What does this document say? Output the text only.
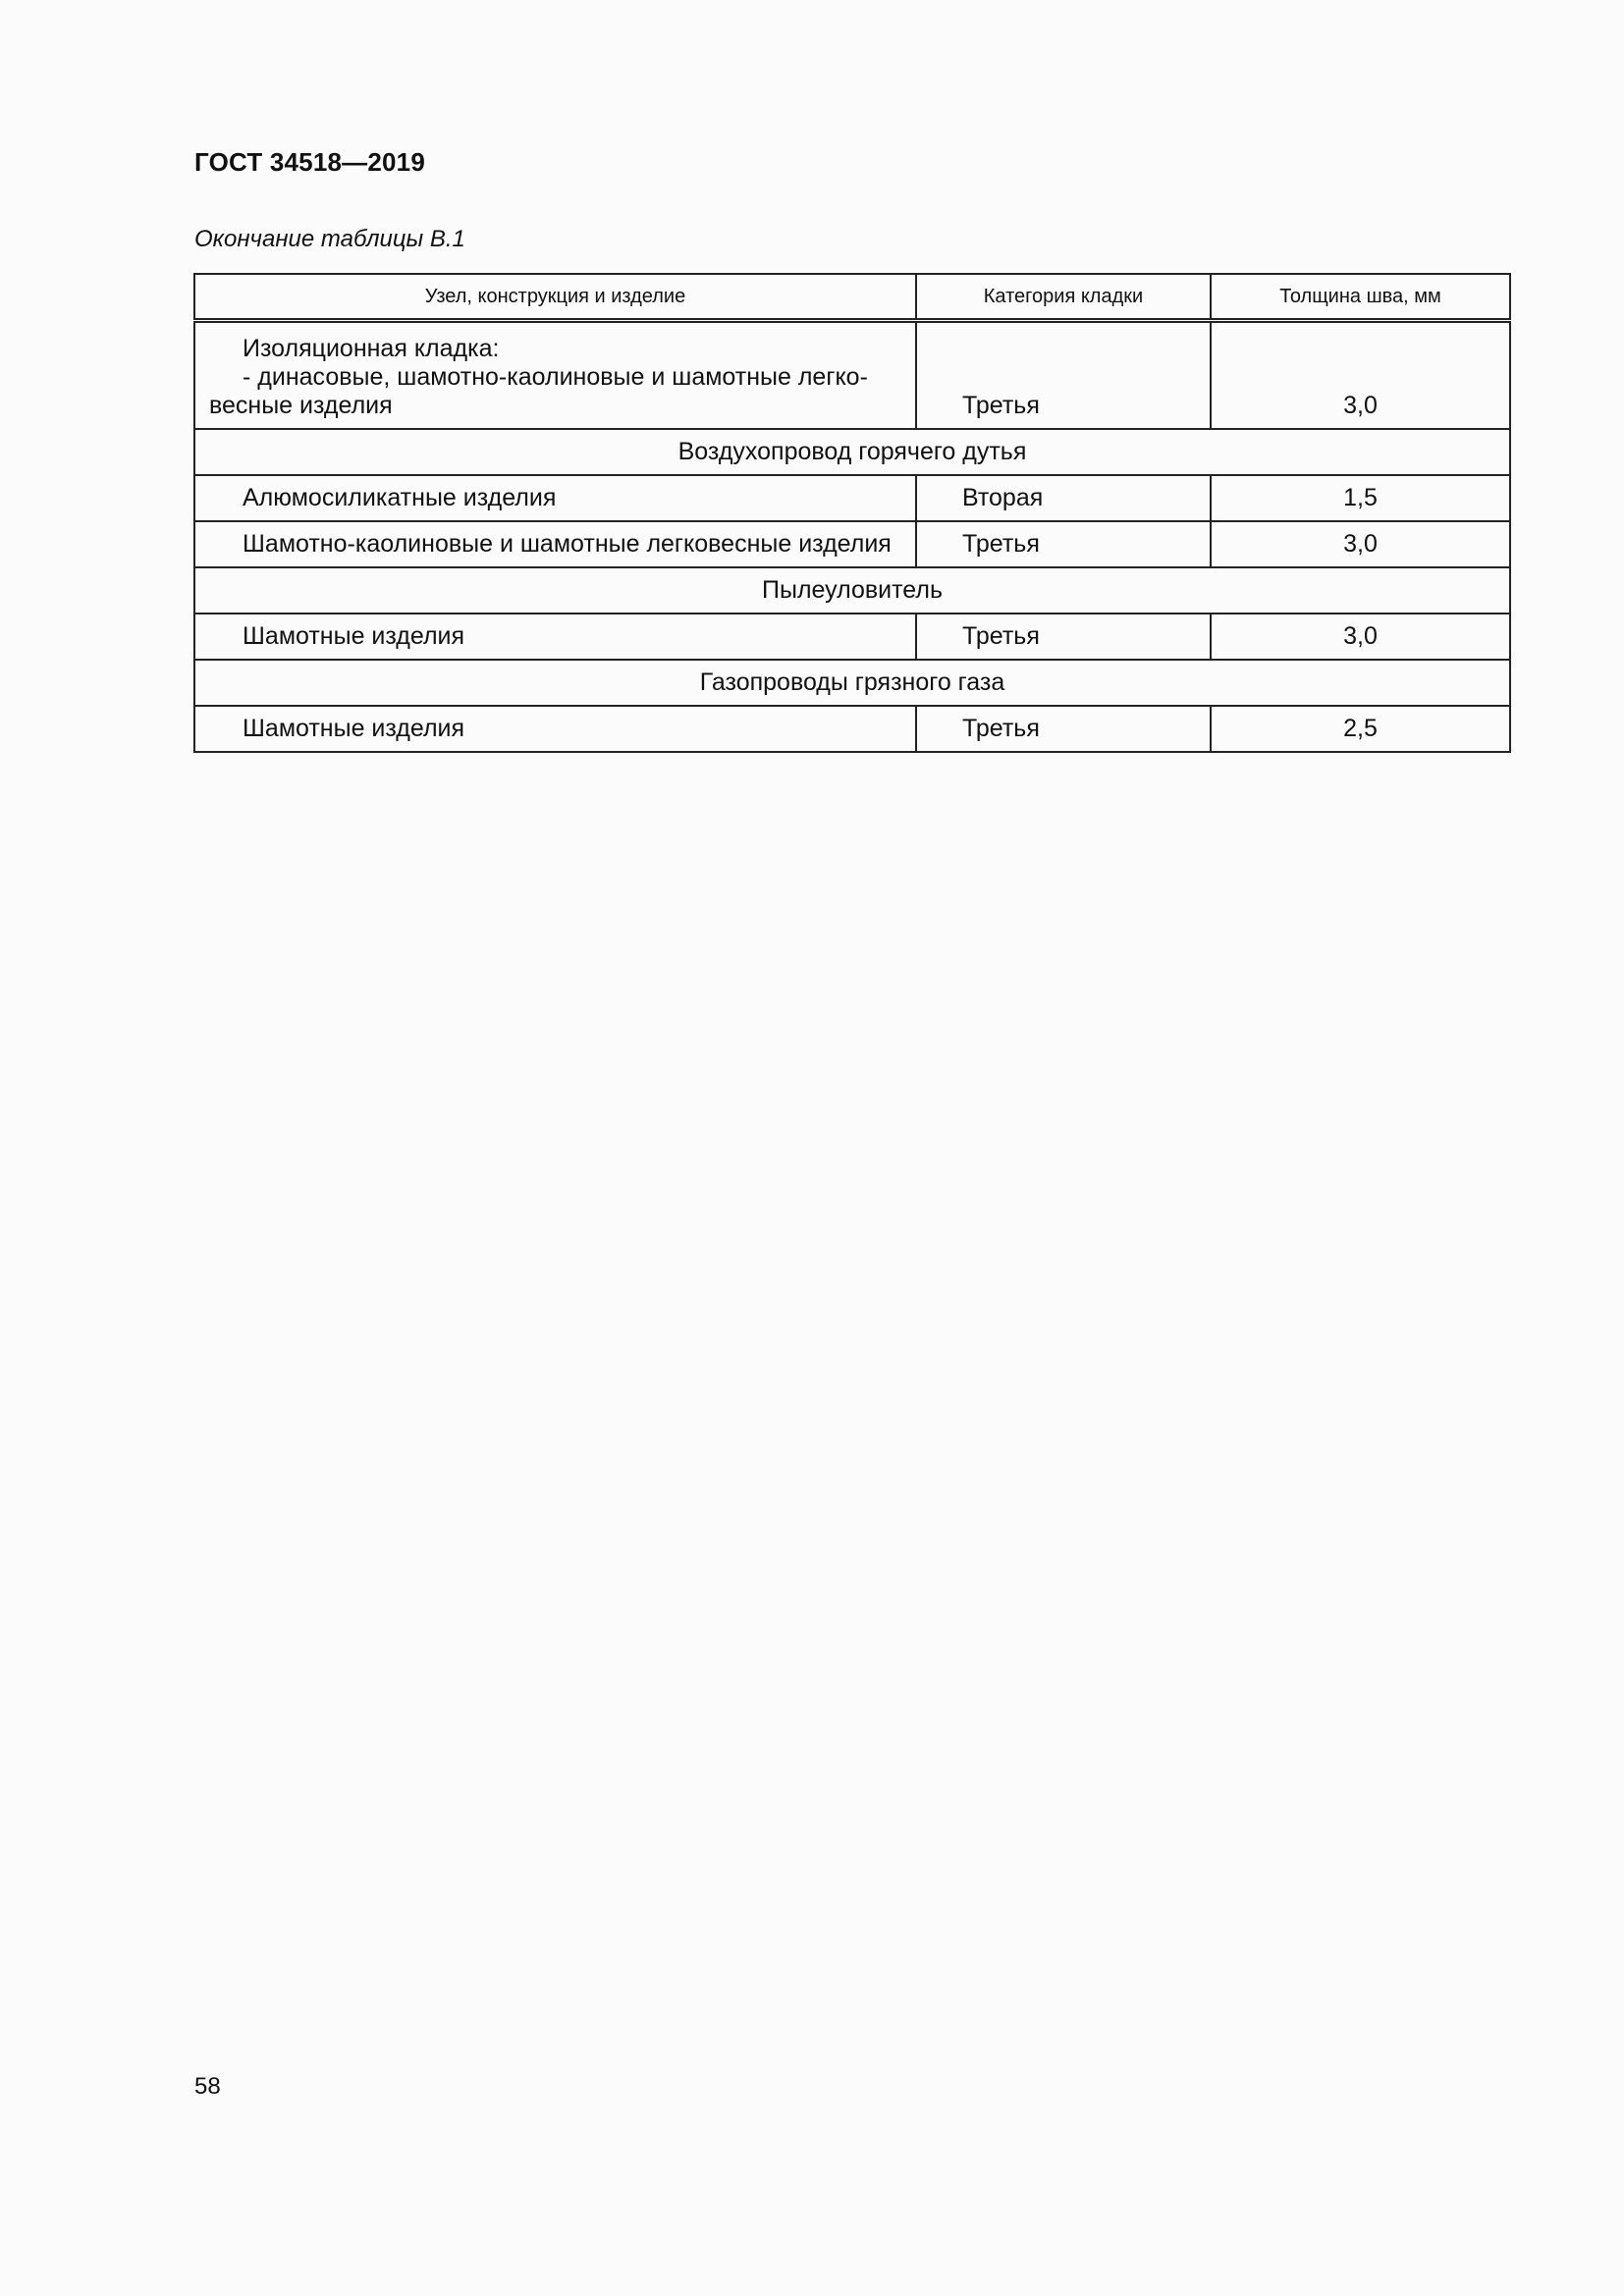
ГОСТ 34518—2019
Окончание таблицы В.1
Узел, конструкция и изделие	Категория кладки	Толщина шва, мм

Изоляционная кладка:
- динасовые, шамотно-каолиновые и шамотные легко-
весные изделия	Третья	3,0
Воздухопровод горячего дутья		
Алюмосиликатные изделия	Вторая	1,5
Шамотно-каолиновые и шамотные легковесные изделия	Третья	3,0
Пылеуловитель		
Шамотные изделия	Третья	3,0
Газопроводы грязного газа		
Шамотные изделия	Третья	2,5
58
